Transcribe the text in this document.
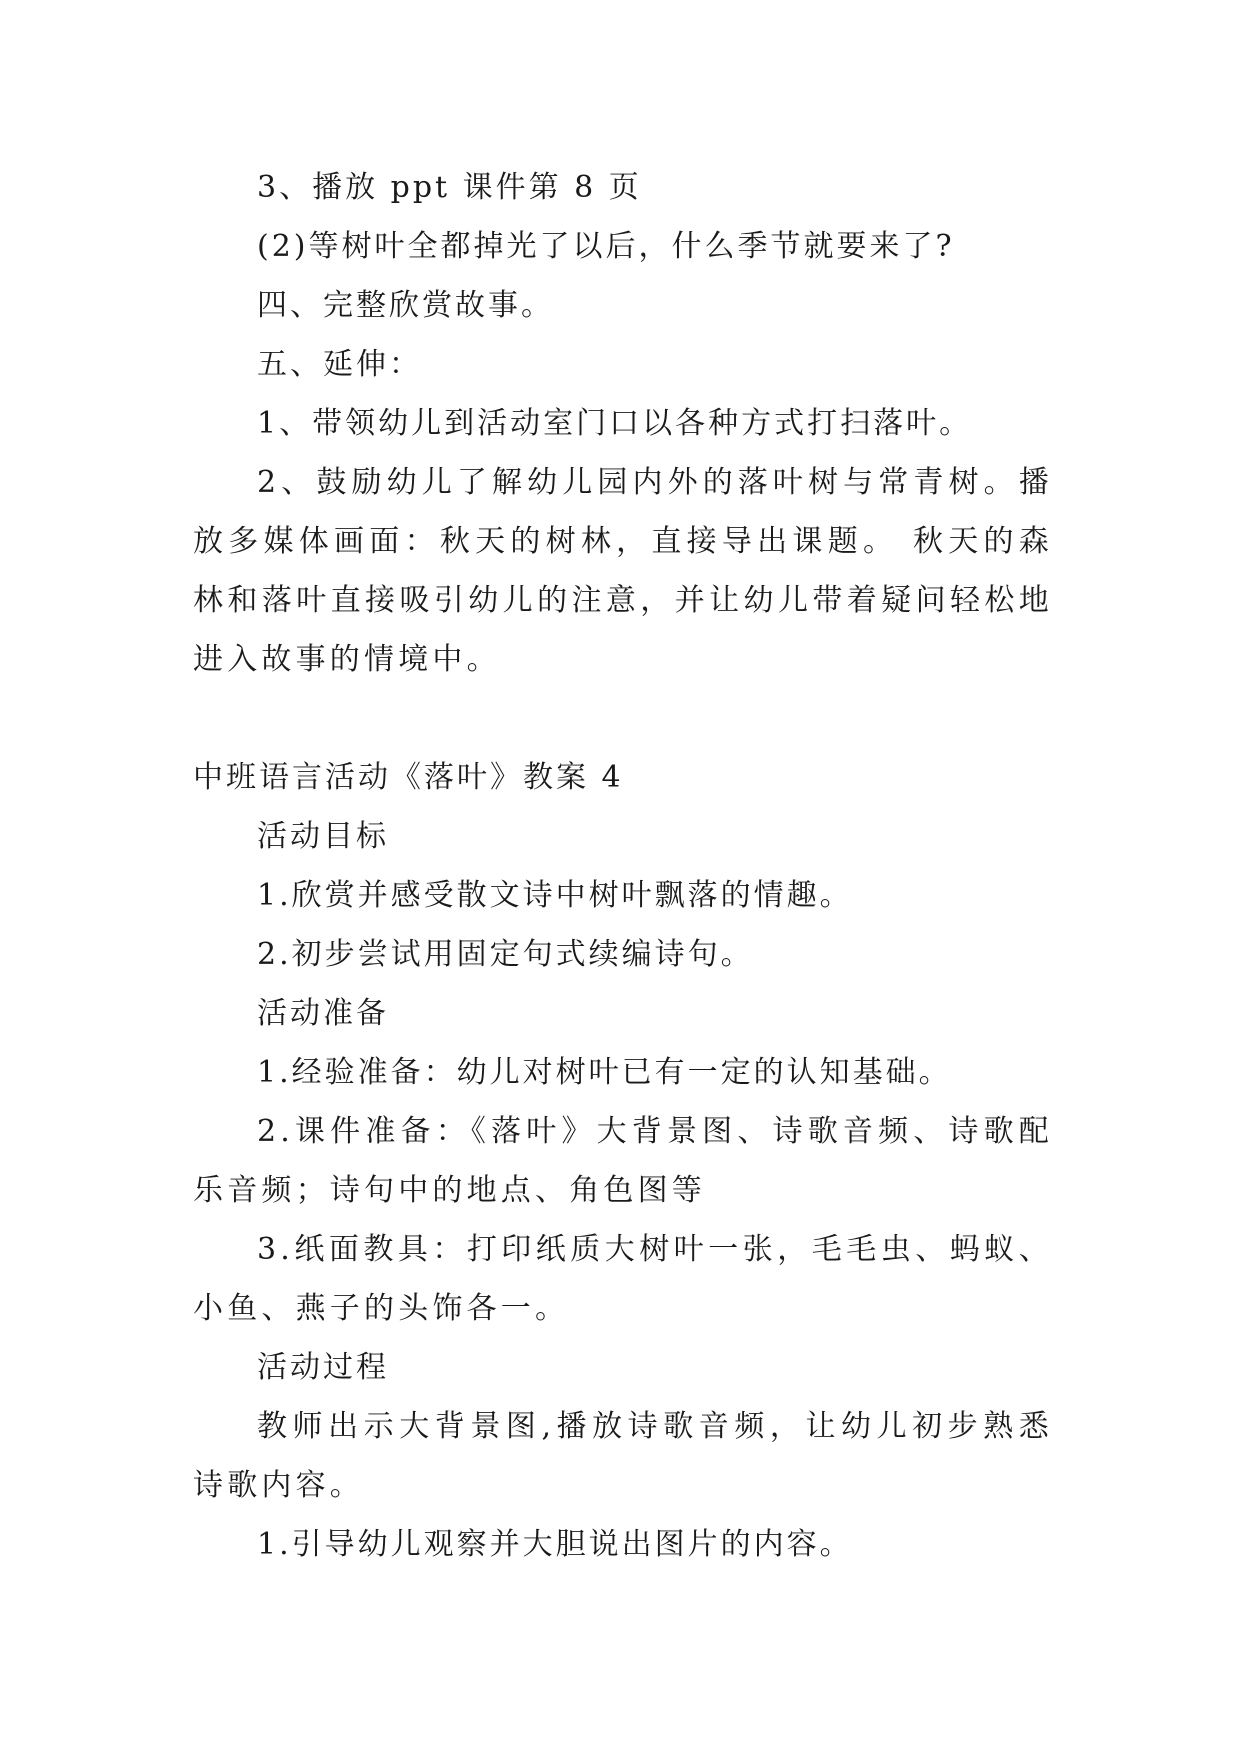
3、播放 ppt 课件第 8 页

(2)等树叶全都掉光了以后，什么季节就要来了?

四、完整欣赏故事。

五、延伸：

1、带领幼儿到活动室门口以各种方式打扫落叶。

2、鼓励幼儿了解幼儿园内外的落叶树与常青树。播放多媒体画面：秋天的树林，直接导出课题。 秋天的森林和落叶直接吸引幼儿的注意，并让幼儿带着疑问轻松地进入故事的情境中。

中班语言活动《落叶》教案 4

活动目标

1.欣赏并感受散文诗中树叶飘落的情趣。

2.初步尝试用固定句式续编诗句。

活动准备

1.经验准备：幼儿对树叶已有一定的认知基础。

2.课件准备：《落叶》大背景图、诗歌音频、诗歌配乐音频；诗句中的地点、角色图等

3.纸面教具：打印纸质大树叶一张，毛毛虫、蚂蚁、小鱼、燕子的头饰各一。

活动过程

教师出示大背景图,播放诗歌音频，让幼儿初步熟悉诗歌内容。

1.引导幼儿观察并大胆说出图片的内容。
